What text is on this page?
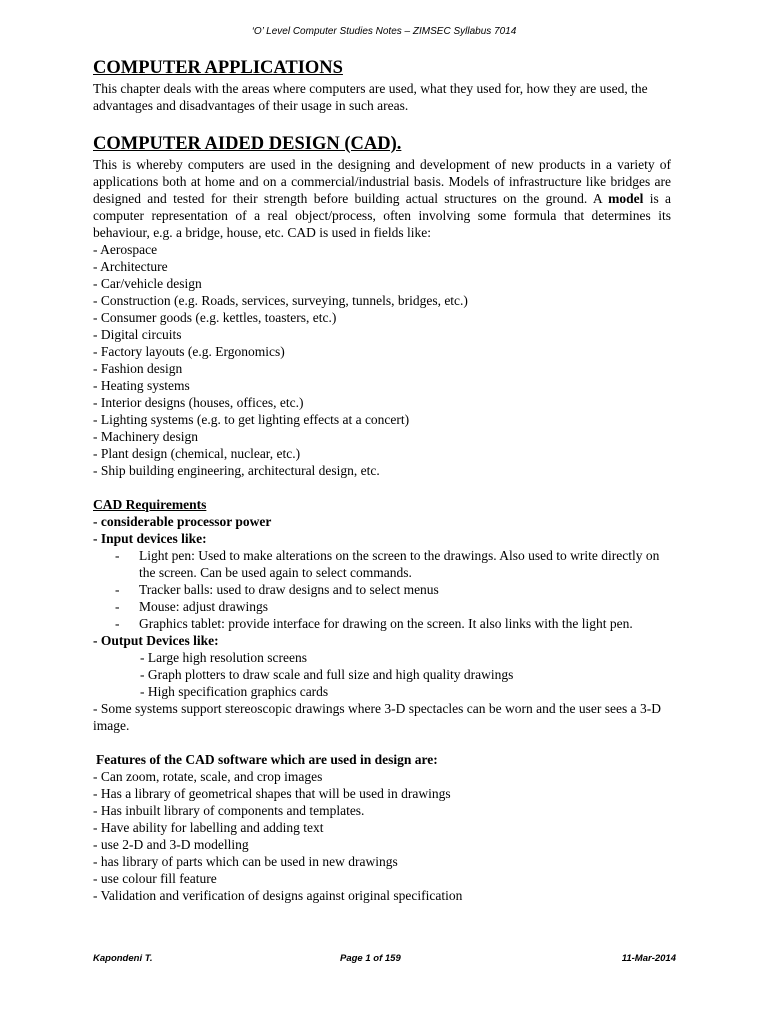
‘O’ Level Computer Studies Notes – ZIMSEC Syllabus 7014
COMPUTER APPLICATIONS

This chapter deals with the areas where computers are used, what they used for, how they are used, the advantages and disadvantages of their usage in such areas.

COMPUTER AIDED DESIGN (CAD).

This is whereby computers are used in the designing and development of new products in a variety of applications both at home and on a commercial/industrial basis. Models of infrastructure like bridges are designed and tested for their strength before building actual structures on the ground. A model is a computer representation of a real object/process, often involving some formula that determines its behaviour, e.g. a bridge, house, etc. CAD is used in fields like:

- Aerospace
- Architecture
- Car/vehicle design
- Construction (e.g. Roads, services, surveying, tunnels, bridges, etc.)
- Consumer goods (e.g. kettles, toasters, etc.)
- Digital circuits
- Factory layouts (e.g. Ergonomics)
- Fashion design
- Heating systems
- Interior designs (houses, offices, etc.)
- Lighting systems (e.g. to get lighting effects at a concert)
- Machinery design
- Plant design (chemical, nuclear, etc.)
- Ship building engineering, architectural design, etc.
CAD Requirements
- considerable processor power
- Input devices like:
-	Light pen: Used to make alterations on the screen to the drawings. Also used to write directly on the screen. Can be used again to select commands.
-	Tracker balls: used to draw designs and to select menus
-	Mouse: adjust drawings
-	Graphics tablet: provide interface for drawing on the screen. It also links with the light pen.
- Output Devices like:
- Large high resolution screens
- Graph plotters to draw scale and full size and high quality drawings
- High specification graphics cards

- Some systems support stereoscopic drawings where 3-D spectacles can be worn and the user sees a 3-D image.

Features of the CAD software which are used in design are:
- Can zoom, rotate, scale, and crop images
- Has a library of geometrical shapes that will be used in drawings
- Has inbuilt library of components and templates.
- Have ability for labelling and adding text
- use 2-D and 3-D modelling
- has library of parts which can be used in new drawings
- use colour fill feature
- Validation and verification of designs against original specification
Kapondeni T.	Page 1 of 159	11-Mar-2014
